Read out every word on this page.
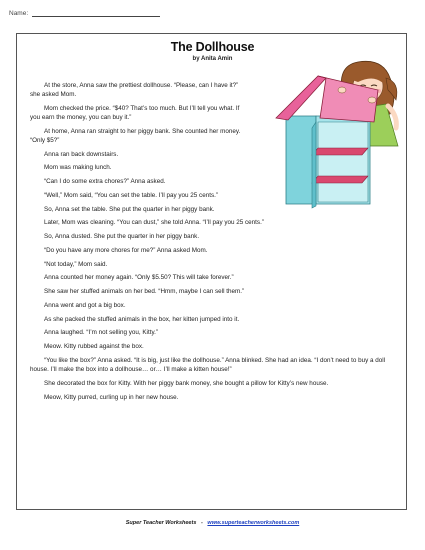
Name:
The Dollhouse
by Anita Amin

At the store, Anna saw the prettiest dollhouse. “Please, can I have it?” she asked Mom.

Mom checked the price. “$40? That’s too much. But I’ll tell you what. If you earn the money, you can buy it.”

At home, Anna ran straight to her piggy bank. She counted her money. “Only $5?”

Anna ran back downstairs.

Mom was making lunch.

“Can I do some extra chores?” Anna asked.

“Well,” Mom said, “You can set the table. I’ll pay you 25 cents.”

So, Anna set the table. She put the quarter in her piggy bank.

Later, Mom was cleaning. “You can dust,” she told Anna. “I’ll pay you 25 cents.”

So, Anna dusted. She put the quarter in her piggy bank.

“Do you have any more chores for me?” Anna asked Mom.

“Not today,” Mom said.

Anna counted her money again. “Only $5.50? This will take forever.”

She saw her stuffed animals on her bed. “Hmm, maybe I can sell them.”

Anna went and got a big box.

As she packed the stuffed animals in the box, her kitten jumped into it.

Anna laughed. “I’m not selling you, Kitty.”

Meow. Kitty rubbed against the box.

“You like the box?” Anna asked. “It is big, just like the dollhouse.” Anna blinked. She had an idea. “I don’t need to buy a doll house. I’ll make the box into a dollhouse… or… I’ll make a kitten house!”

She decorated the box for Kitty. With her piggy bank money, she bought a pillow for Kitty’s new house.

Meow, Kitty purred, curling up in her new house.

Super Teacher Worksheets - www.superteacherworksheets.com
